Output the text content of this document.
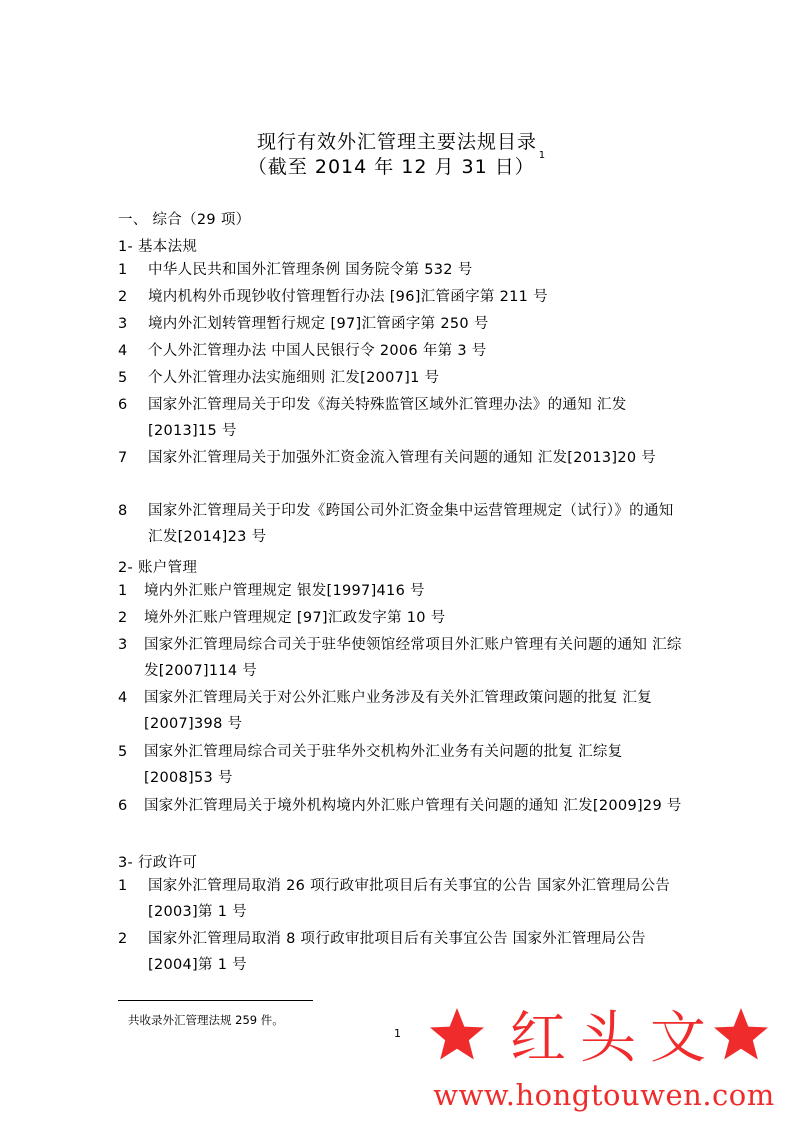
现行有效外汇管理主要法规目录
（截至 2014 年 12 月 31 日）$^1$
一、 综合（29 项）
1- 基本法规
1	中华人民共和国外汇管理条例 国务院令第 532 号
2	境内机构外币现钞收付管理暂行办法 [96]汇管函字第 211 号
3	境内外汇划转管理暂行规定 [97]汇管函字第 250 号
4	个人外汇管理办法 中国人民银行令 2006 年第 3 号
5	个人外汇管理办法实施细则 汇发[2007]1 号
6	国家外汇管理局关于印发《海关特殊监管区域外汇管理办法》的通知 汇发[2013]15 号
7	国家外汇管理局关于加强外汇资金流入管理有关问题的通知 汇发[2013]20 号
8	国家外汇管理局关于印发《跨国公司外汇资金集中运营管理规定（试行）》的通知 汇发[2014]23 号
2- 账户管理
1	境内外汇账户管理规定 银发[1997]416 号
2	境外外汇账户管理规定 [97]汇政发字第 10 号
3	国家外汇管理局综合司关于驻华使领馆经常项目外汇账户管理有关问题的通知 汇综发[2007]114 号
4	国家外汇管理局关于对公外汇账户业务涉及有关外汇管理政策问题的批复 汇复[2007]398 号
5	国家外汇管理局综合司关于驻华外交机构外汇业务有关问题的批复 汇综复[2008]53 号
6	国家外汇管理局关于境外机构境内外汇账户管理有关问题的通知 汇发[2009]29 号
3- 行政许可
1	国家外汇管理局取消 26 项行政审批项目后有关事宜的公告 国家外汇管理局公告[2003]第 1 号
2	国家外汇管理局取消 8 项行政审批项目后有关事宜公告 国家外汇管理局公告[2004]第 1 号
共收录外汇管理法规 259 件。
1 红头文
www.hongtouwen.com
